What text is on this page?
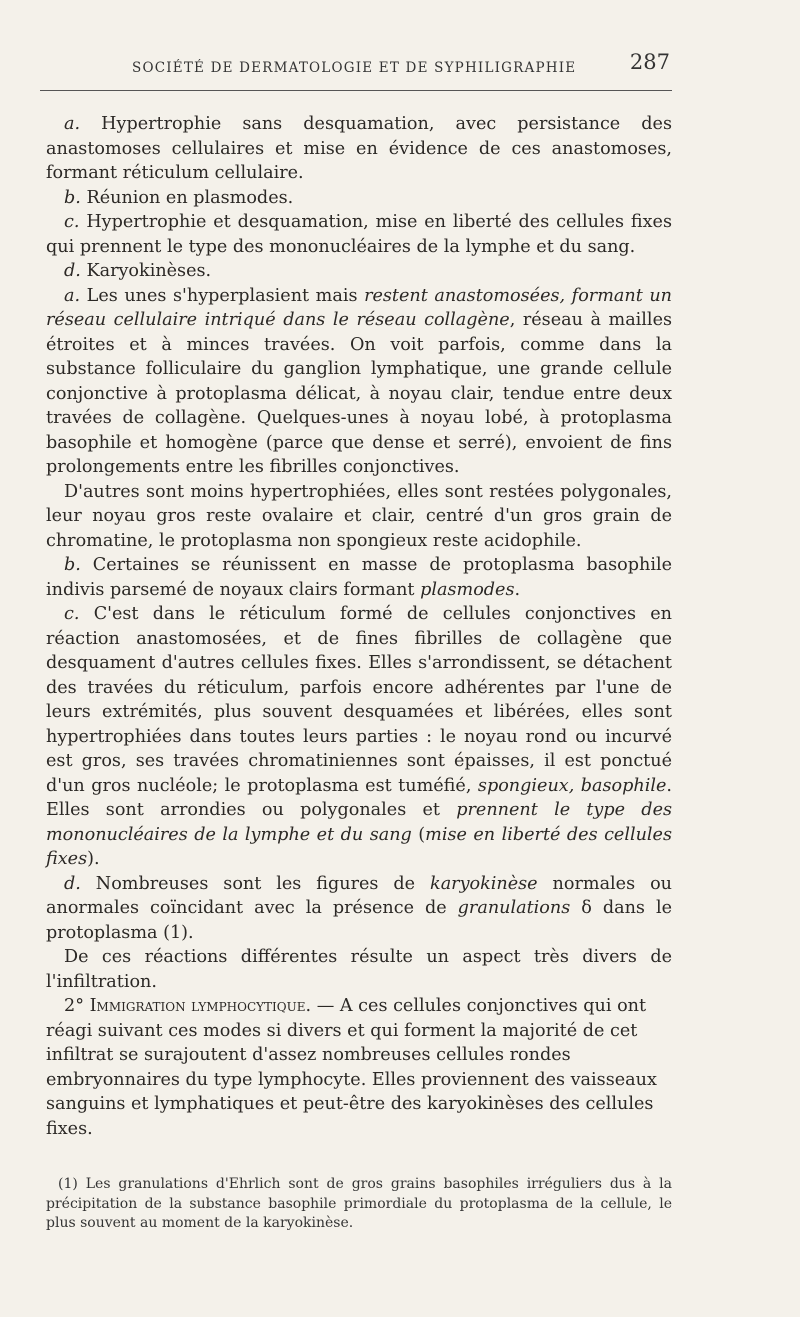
SOCIÉTÉ DE DERMATOLOGIE ET DE SYPHILIGRAPHIE	287

a. Hypertrophie sans desquamation, avec persistance des anastomoses cellulaires et mise en évidence de ces anastomoses, formant réticulum cellulaire.

b. Réunion en plasmodes.

c. Hypertrophie et desquamation, mise en liberté des cellules fixes qui prennent le type des mononucléaires de la lymphe et du sang.

d. Karyokinèses.

a. Les unes s'hyperplasient mais restent anastomosées, formant un réseau cellulaire intriqué dans le réseau collagène, réseau à mailles étroites et à minces travées. On voit parfois, comme dans la substance folliculaire du ganglion lymphatique, une grande cellule conjonctive à protoplasma délicat, à noyau clair, tendue entre deux travées de collagène. Quelques-unes à noyau lobé, à protoplasma basophile et homogène (parce que dense et serré), envoient de fins prolongements entre les fibrilles conjonctives.

D'autres sont moins hypertrophiées, elles sont restées polygonales, leur noyau gros reste ovalaire et clair, centré d'un gros grain de chromatine, le protoplasma non spongieux reste acidophile.

b. Certaines se réunissent en masse de protoplasma basophile indivis parsemé de noyaux clairs formant plasmodes.

c. C'est dans le réticulum formé de cellules conjonctives en réaction anastomosées, et de fines fibrilles de collagène que desquament d'autres cellules fixes. Elles s'arrondissent, se détachent des travées du réticulum, parfois encore adhérentes par l'une de leurs extrémités, plus souvent desquamées et libérées, elles sont hypertrophiées dans toutes leurs parties : le noyau rond ou incurvé est gros, ses travées chromatiniennes sont épaisses, il est ponctué d'un gros nucléole; le protoplasma est tuméfié, spongieux, basophile. Elles sont arrondies ou polygonales et prennent le type des mononucléaires de la lymphe et du sang (mise en liberté des cellules fixes).

d. Nombreuses sont les figures de karyokinèse normales ou anormales coïncidant avec la présence de granulations δ dans le protoplasma (1).

De ces réactions différentes résulte un aspect très divers de l'infiltration.

2° Immigration lymphocytique. — A ces cellules conjonctives qui ont réagi suivant ces modes si divers et qui forment la majorité de cet infiltrat se surajoutent d'assez nombreuses cellules rondes embryonnaires du type lymphocyte. Elles proviennent des vaisseaux sanguins et lymphatiques et peut-être des karyokinèses des cellules fixes.

(1) Les granulations d'Ehrlich sont de gros grains basophiles irréguliers dus à la précipitation de la substance basophile primordiale du protoplasma de la cellule, le plus souvent au moment de la karyokinèse.
